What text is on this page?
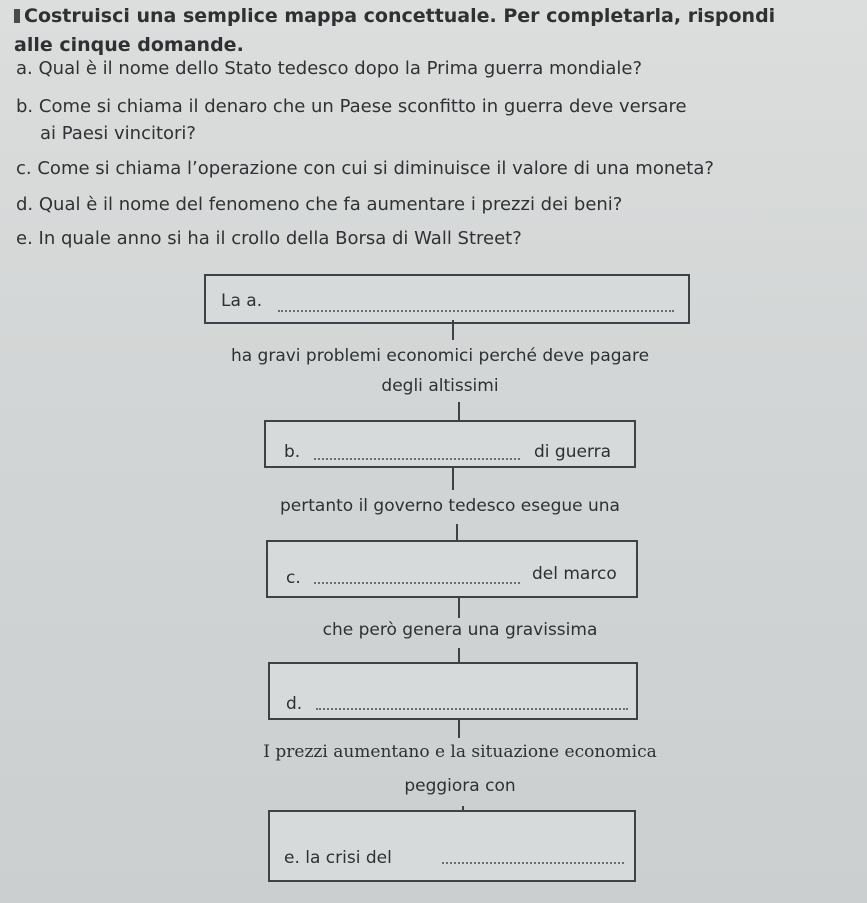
Costruisci una semplice mappa concettuale. Per completarla, rispondi
alle cinque domande.
a. Qual è il nome dello Stato tedesco dopo la Prima guerra mondiale?
b. Come si chiama il denaro che un Paese sconfitto in guerra deve versare
ai Paesi vincitori?
c. Come si chiama l’operazione con cui si diminuisce il valore di una moneta?
d. Qual è il nome del fenomeno che fa aumentare i prezzi dei beni?
e. In quale anno si ha il crollo della Borsa di Wall Street?
La a.
ha gravi problemi economici perché deve pagare
degli altissimi
b.	di guerra
pertanto il governo tedesco esegue una
c.	del marco
che però genera una gravissima
d.
I prezzi aumentano e la situazione economica
peggiora con
e. la crisi del
